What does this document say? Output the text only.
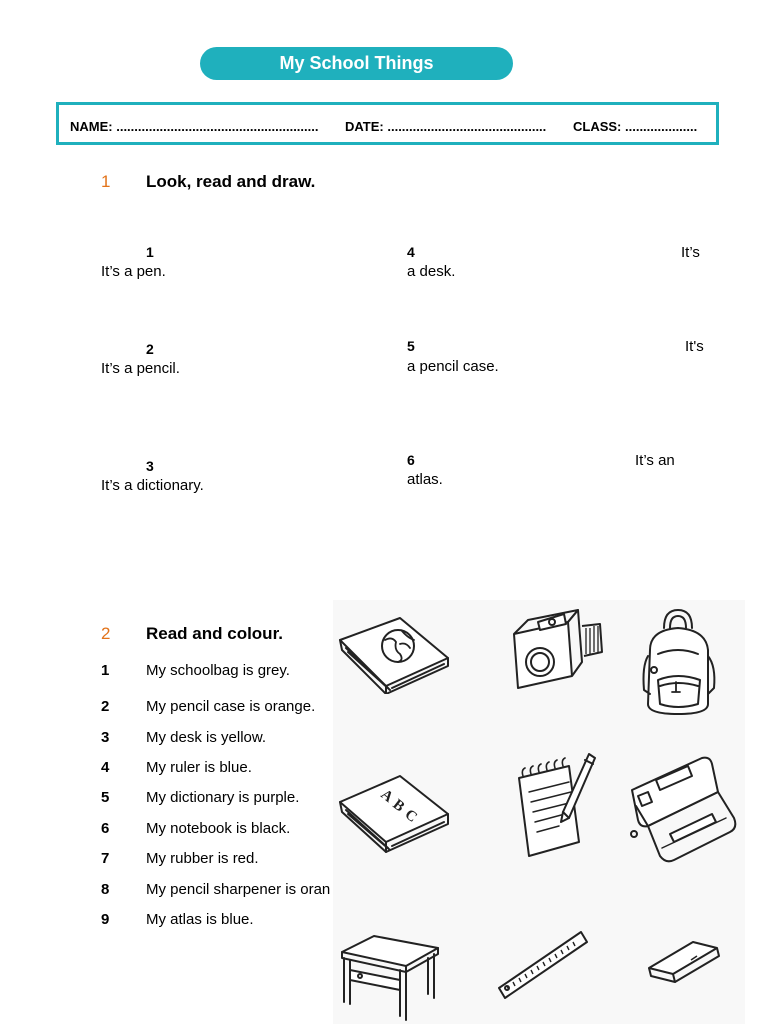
My School Things
NAME: ........................................................ DATE: ............................................ CLASS: ....................
1 Look, read and draw.
1
It’s a pen.
2
It’s a pencil.
3
It’s a dictionary.
4	It’s
a desk.
5	It's
a pencil case.
6	It’s an
atlas.
2 Read and colour.
1 My schoolbag is grey.
2 My pencil case is orange.
3 My desk is yellow.
4 My ruler is blue.
5 My dictionary is purple.
6 My notebook is black.
7 My rubber is red.
8 My pencil sharpener is oran
9 My atlas is blue.
A
B
C
